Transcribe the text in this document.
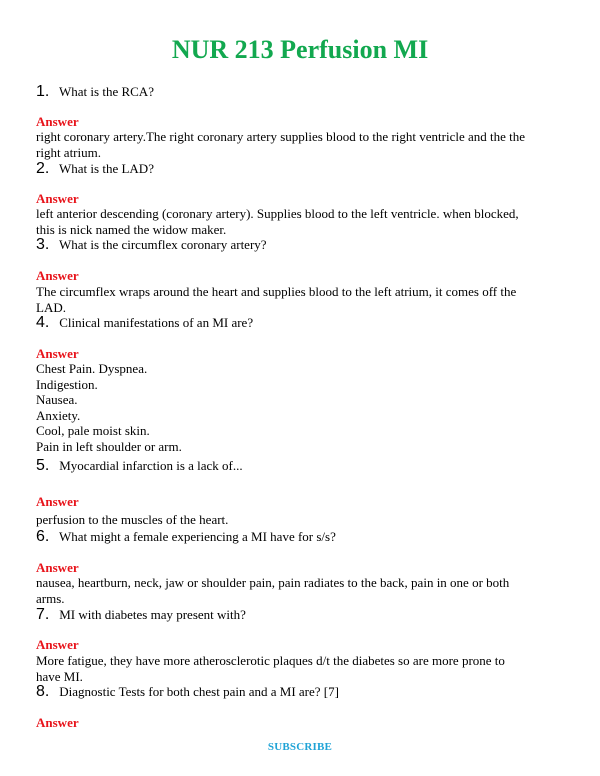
NUR 213 Perfusion MI
1. What is the RCA?
Answer
right coronary artery.The right coronary artery supplies blood to the right ventricle and the the
right atrium.
2. What is the LAD?
Answer
left anterior descending (coronary artery). Supplies blood to the left ventricle. when blocked,
this is nick named the widow maker.
3. What is the circumflex coronary artery?
Answer
The circumflex wraps around the heart and supplies blood to the left atrium, it comes off the
LAD.
4. Clinical manifestations of an MI are?
Answer
Chest Pain. Dyspnea.
Indigestion.
Nausea.
Anxiety.
Cool, pale moist skin.
Pain in left shoulder or arm.
5. Myocardial infarction is a lack of...
Answer
perfusion to the muscles of the heart.
6. What might a female experiencing a MI have for s/s?
Answer
nausea, heartburn, neck, jaw or shoulder pain, pain radiates to the back, pain in one or both
arms.
7. MI with diabetes may present with?
Answer
More fatigue, they have more atherosclerotic plaques d/t the diabetes so are more prone to
have MI.
8. Diagnostic Tests for both chest pain and a MI are? [7]
Answer
SUBSCRIBE
